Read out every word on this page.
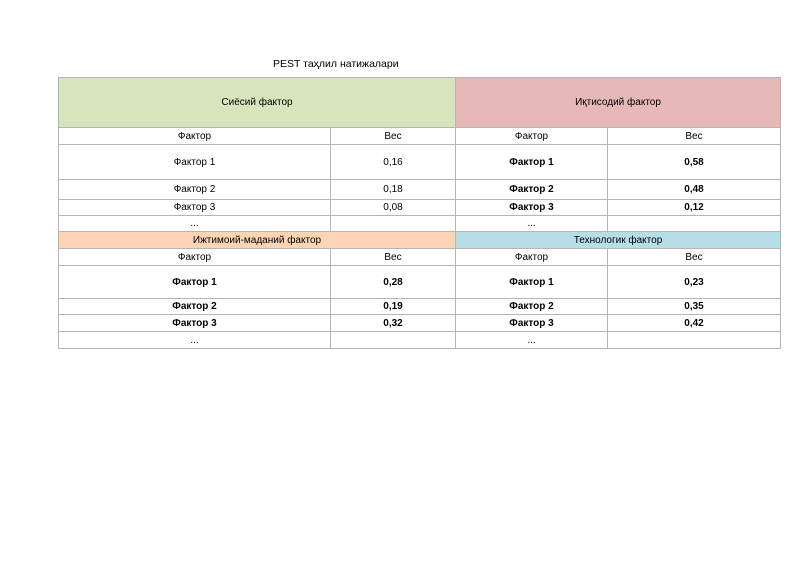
PEST таҳлил натижалари
Сиёсий фактор		Иқтисодий фактор	
Фактор	Вес	Фактор	Вес
Фактор 1	0,16	Фактор 1	0,58
Фактор 2	0,18	Фактор 2	0,48
Фактор 3	0,08	Фактор 3	0,12
...		...	
Ижтимоий-маданий фактор		Технологик фактор	
Фактор	Вес	Фактор	Вес
Фактор 1	0,28	Фактор 1	0,23
Фактор 2	0,19	Фактор 2	0,35
Фактор 3	0,32	Фактор 3	0,42
...		...	
